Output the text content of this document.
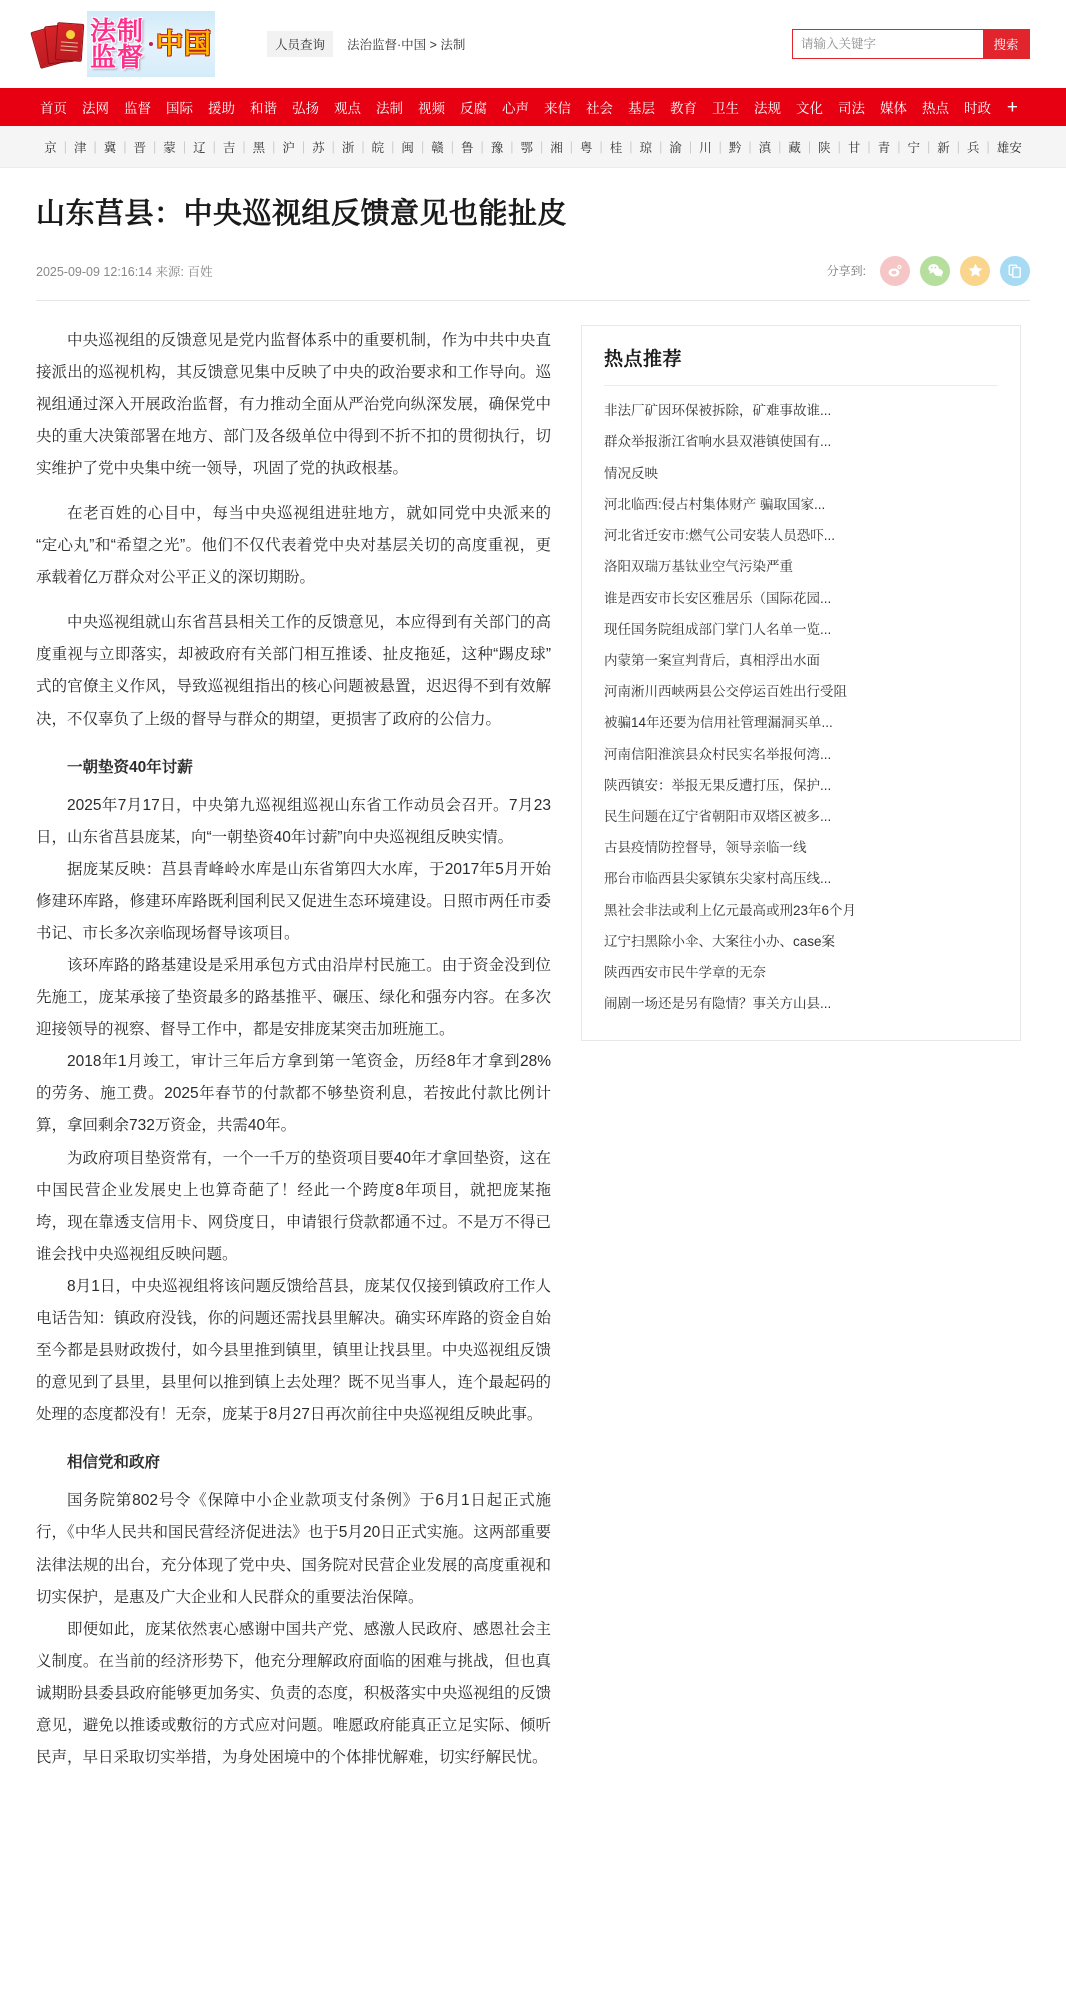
法制
监督 中国	人员查询	法治监督·中国 > 法制
请输入关键字	搜索
首页 法网 监督 国际 援助 和谐 弘扬 观点 法制 视频 反腐 心声 来信 社会 基层 教育 卫生 法规 文化 司法 媒体 热点 时政 +
京 | 津 | 冀 | 晋 | 蒙 | 辽 | 吉 | 黑 | 沪 | 苏 | 浙 | 皖 | 闽 | 赣 | 鲁 | 豫 | 鄂 | 湘 | 粤 | 桂 | 琼 | 渝 | 川 | 黔 | 滇 | 藏 | 陕 | 甘 | 青 | 宁 | 新 | 兵 | 雄安
山东莒县：中央巡视组反馈意见也能扯皮
2025-09-09 12:16:14 来源: 百姓	分享到:

中央巡视组的反馈意见是党内监督体系中的重要机制，作为中共中央直接派出的巡视机构，其反馈意见集中反映了中央的政治要求和工作导向。巡视组通过深入开展政治监督，有力推动全面从严治党向纵深发展，确保党中央的重大决策部署在地方、部门及各级单位中得到不折不扣的贯彻执行，切实维护了党中央集中统一领导，巩固了党的执政根基。

在老百姓的心目中，每当中央巡视组进驻地方，就如同党中央派来的“定心丸”和“希望之光”。他们不仅代表着党中央对基层关切的高度重视，更承载着亿万群众对公平正义的深切期盼。

中央巡视组就山东省莒县相关工作的反馈意见，本应得到有关部门的高度重视与立即落实，却被政府有关部门相互推诿、扯皮拖延，这种“踢皮球”式的官僚主义作风，导致巡视组指出的核心问题被悬置，迟迟得不到有效解决，不仅辜负了上级的督导与群众的期望，更损害了政府的公信力。

一朝垫资40年讨薪

2025年7月17日，中央第九巡视组巡视山东省工作动员会召开。7月23日，山东省莒县庞某，向“一朝垫资40年讨薪”向中央巡视组反映实情。

据庞某反映：莒县青峰岭水库是山东省第四大水库，于2017年5月开始修建环库路，修建环库路既利国利民又促进生态环境建设。日照市两任市委书记、市长多次亲临现场督导该项目。

该环库路的路基建设是采用承包方式由沿岸村民施工。由于资金没到位先施工，庞某承接了垫资最多的路基推平、碾压、绿化和强夯内容。在多次迎接领导的视察、督导工作中，都是安排庞某突击加班施工。

2018年1月竣工，审计三年后方拿到第一笔资金，历经8年才拿到28%的劳务、施工费。2025年春节的付款都不够垫资利息，若按此付款比例计算，拿回剩余732万资金，共需40年。

为政府项目垫资常有，一个一千万的垫资项目要40年才拿回垫资，这在中国民营企业发展史上也算奇葩了！经此一个跨度8年项目，就把庞某拖垮，现在靠透支信用卡、网贷度日，申请银行贷款都通不过。不是万不得已谁会找中央巡视组反映问题。

8月1日，中央巡视组将该问题反馈给莒县，庞某仅仅接到镇政府工作人电话告知：镇政府没钱，你的问题还需找县里解决。确实环库路的资金自始至今都是县财政拨付，如今县里推到镇里，镇里让找县里。中央巡视组反馈的意见到了县里，县里何以推到镇上去处理？既不见当事人，连个最起码的处理的态度都没有！无奈，庞某于8月27日再次前往中央巡视组反映此事。

相信党和政府

国务院第802号令《保障中小企业款项支付条例》于6月1日起正式施行，《中华人民共和国民营经济促进法》也于5月20日正式实施。这两部重要法律法规的出台，充分体现了党中央、国务院对民营企业发展的高度重视和切实保护，是惠及广大企业和人民群众的重要法治保障。

即便如此，庞某依然衷心感谢中国共产党、感激人民政府、感恩社会主义制度。在当前的经济形势下，他充分理解政府面临的困难与挑战，但也真诚期盼县委县政府能够更加务实、负责的态度，积极落实中央巡视组的反馈意见，避免以推诿或敷衍的方式应对问题。唯愿政府能真正立足实际、倾听民声，早日采取切实举措，为身处困境中的个体排忧解难，切实纾解民忧。

热点推荐
非法厂矿因环保被拆除，矿难事故谁...
群众举报浙江省响水县双港镇使国有...
情况反映
河北临西:侵占村集体财产 骗取国家...
河北省迁安市:燃气公司安装人员恐吓...
洛阳双瑞万基钛业空气污染严重
谁是西安市长安区雅居乐（国际花园...
现任国务院组成部门掌门人名单一览...
内蒙第一案宣判背后，真相浮出水面
河南淅川西峡两县公交停运百姓出行受阻
被骗14年还要为信用社管理漏洞买单...
河南信阳淮滨县众村民实名举报何湾...
陕西镇安：举报无果反遭打压，保护...
民生问题在辽宁省朝阳市双塔区被多...
古县疫情防控督导，领导亲临一线
邢台市临西县尖冢镇东尖家村高压线...
黑社会非法或利上亿元最高或刑23年6个月
辽宁扫黑除小伞、大案往小办、case案
陕西西安市民牛学章的无奈
闹剧一场还是另有隐情？事关方山县...
